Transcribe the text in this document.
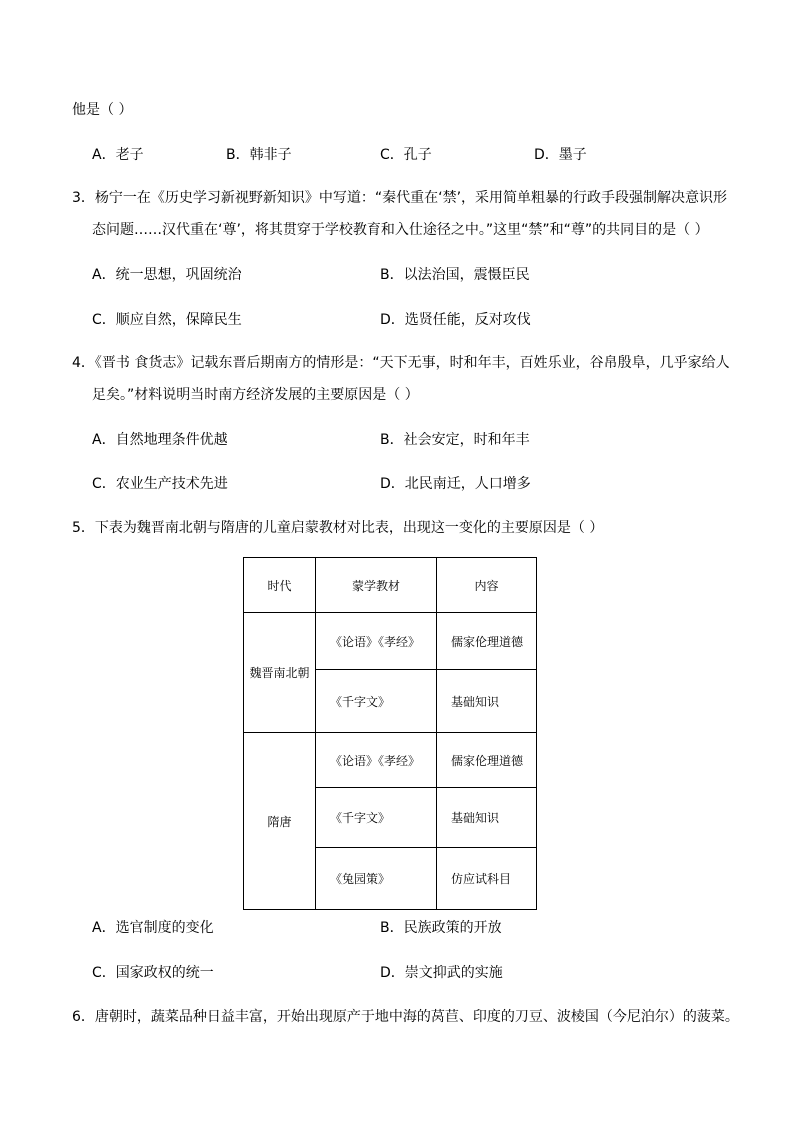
他是（ ）
A．老子	B．韩非子	C．孔子	D．墨子
3．杨宁一在《历史学习新视野新知识》中写道：“秦代重在‘禁’，采用简单粗暴的行政手段强制解决意识形
态问题……汉代重在‘尊’，将其贯穿于学校教育和入仕途径之中。”这里“禁”和“尊”的共同目的是（ ）
A．统一思想，巩固统治	B．以法治国，震慑臣民
C．顺应自然，保障民生	D．选贤任能，反对攻伐
4．《晋书 食货志》记载东晋后期南方的情形是：“天下无事，时和年丰，百姓乐业，谷帛殷阜，几乎家给人
足矣。”材料说明当时南方经济发展的主要原因是（ ）
A．自然地理条件优越	B．社会安定，时和年丰
C．农业生产技术先进	D．北民南迁，人口增多
5．下表为魏晋南北朝与隋唐的儿童启蒙教材对比表，出现这一变化的主要原因是（ ）
时代	蒙学教材	内容
魏晋南北朝	《论语》《孝经》	儒家伦理道德
	《千字文》	基础知识
隋唐	《论语》《孝经》	儒家伦理道德
	《千字文》	基础知识
	《兔园策》	仿应试科目
A．选官制度的变化	B．民族政策的开放
C．国家政权的统一	D．崇文抑武的实施
6．唐朝时，蔬菜品种日益丰富，开始出现原产于地中海的莴苣、印度的刀豆、波棱国（今尼泊尔）的菠菜。
